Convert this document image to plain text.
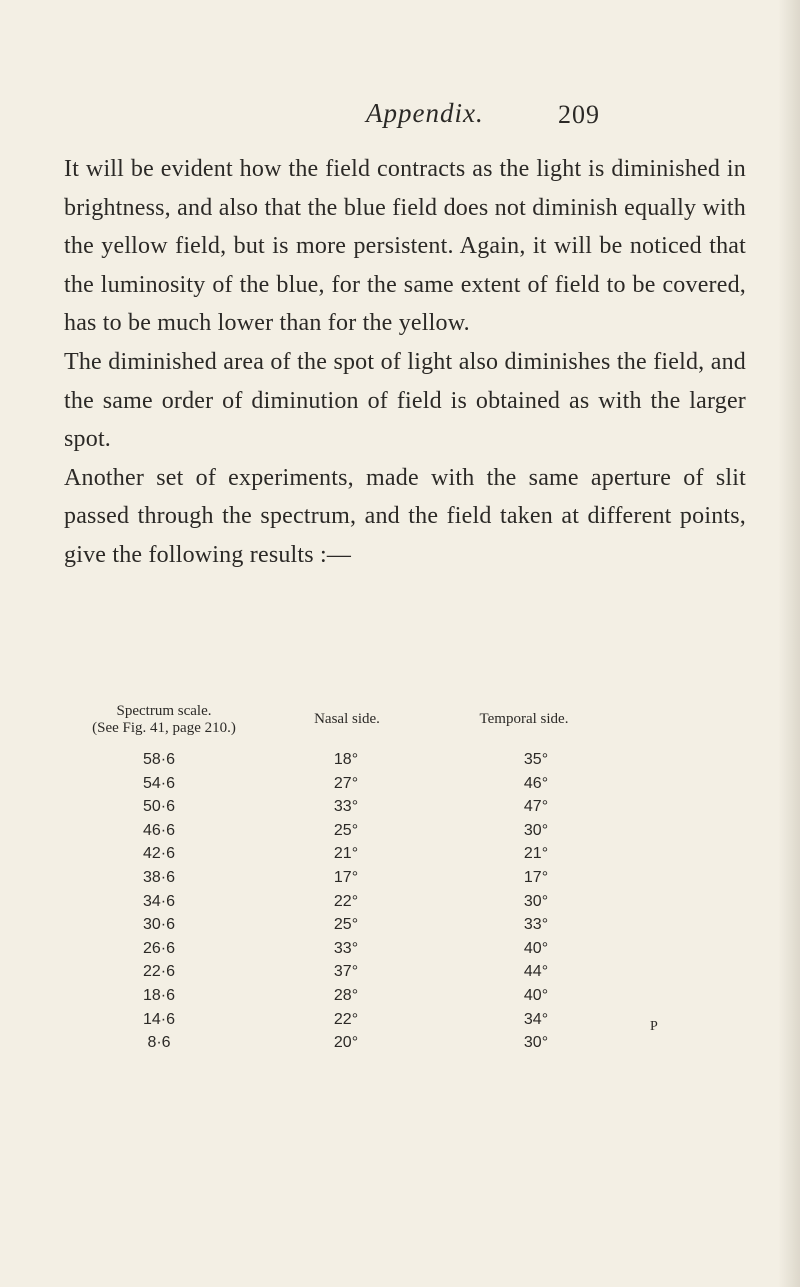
Appendix.	209

It will be evident how the field contracts as the light is diminished in brightness, and also that the blue field does not diminish equally with the yellow field, but is more persistent. Again, it will be noticed that the luminosity of the blue, for the same extent of field to be covered, has to be much lower than for the yellow.

The diminished area of the spot of light also diminishes the field, and the same order of diminution of field is obtained as with the larger spot.

Another set of experiments, made with the same aperture of slit passed through the spectrum, and the field taken at different points, give the following results :—

Spectrum scale.
(See Fig. 41, page 210.)
Nasal side.	Temporal side.
58·6	18°	35°
54·6	27°	46°
50·6	33°	47°
46·6	25°	30°
42·6	21°	21°
38·6	17°	17°
34·6	22°	30°
30·6	25°	33°
26·6	33°	40°
22·6	37°	44°
18·6	28°	40°
14·6	22°	34°
8·6	20°	30°
P
